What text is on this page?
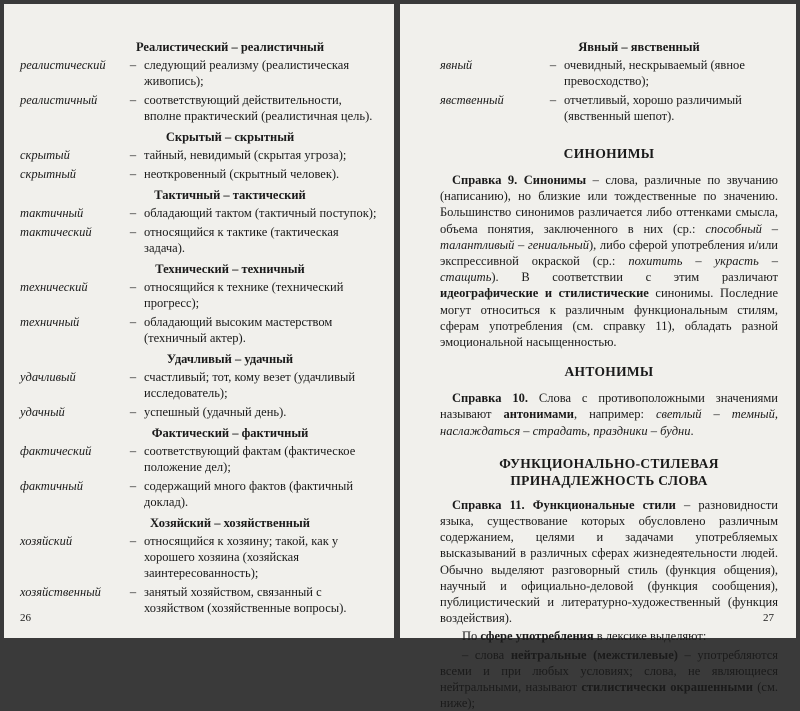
Реалистический – реалистичный
реалистический	– следующий реализму (реалистическая живопись);
реалистичный	– соответствующий действительности, вполне практический (реалистичная цель).
Скрытый – скрытный
скрытый	– тайный, невидимый (скрытая угроза);
скрытный	– неоткровенный (скрытный человек).
Тактичный – тактический
тактичный	– обладающий тактом (тактичный поступок);
тактический	– относящийся к тактике (тактическая задача).
Технический – техничный
технический	– относящийся к технике (технический прогресс);
техничный	– обладающий высоким мастерством (техничный актер).
Удачливый – удачный
удачливый	– счастливый; тот, кому везет (удачливый исследователь);
удачный	– успешный (удачный день).
Фактический – фактичный
фактический	– соответствующий фактам (фактическое положение дел);
фактичный	– содержащий много фактов (фактичный доклад).
Хозяйский – хозяйственный
хозяйский	– относящийся к хозяину; такой, как у хорошего хозяина (хозяйская заинтересованность);
хозяйственный	– занятый хозяйством, связанный с хозяйством (хозяйственные вопросы).
26
Явный – явственный
явный	– очевидный, нескрываемый (явное превосходство);
явственный	– отчетливый, хорошо различимый (явственный шепот).
СИНОНИМЫ

Справка 9. Синонимы – слова, различные по звучанию (написанию), но близкие или тождественные по значению. Большинство синонимов различается либо оттенками смысла, объема понятия, заключенного в них (ср.: способный – талантливый – гениальный), либо сферой употребления и/или экспрессивной окраской (ср.: похитить – украсть – стащить). В соответствии с этим различают идеографические и стилистические синонимы. Последние могут относиться к различным функциональным стилям, сферам употребления (см. справку 11), обладать разной эмоциональной насыщенностью.

АНТОНИМЫ

Справка 10. Слова с противоположными значениями называют антонимами, например: светлый – темный, наслаждаться – страдать, праздники – будни.

ФУНКЦИОНАЛЬНО-СТИЛЕВАЯ
ПРИНАДЛЕЖНОСТЬ СЛОВА

Справка 11. Функциональные стили – разновидности языка, существование которых обусловлено различным содержанием, целями и задачами употребляемых высказываний в различных сферах жизнедеятельности людей. Обычно выделяют разговорный стиль (функция общения), научный и официально-деловой (функция сообщения), публицистический и литературно-художественный (функция воздействия).

По сфере употребления в лексике выделяют:

– слова нейтральные (межстилевые) – употребляются всеми и при любых условиях; слова, не являющиеся нейтральными, называют стилистически окрашенными (см. ниже);

27
